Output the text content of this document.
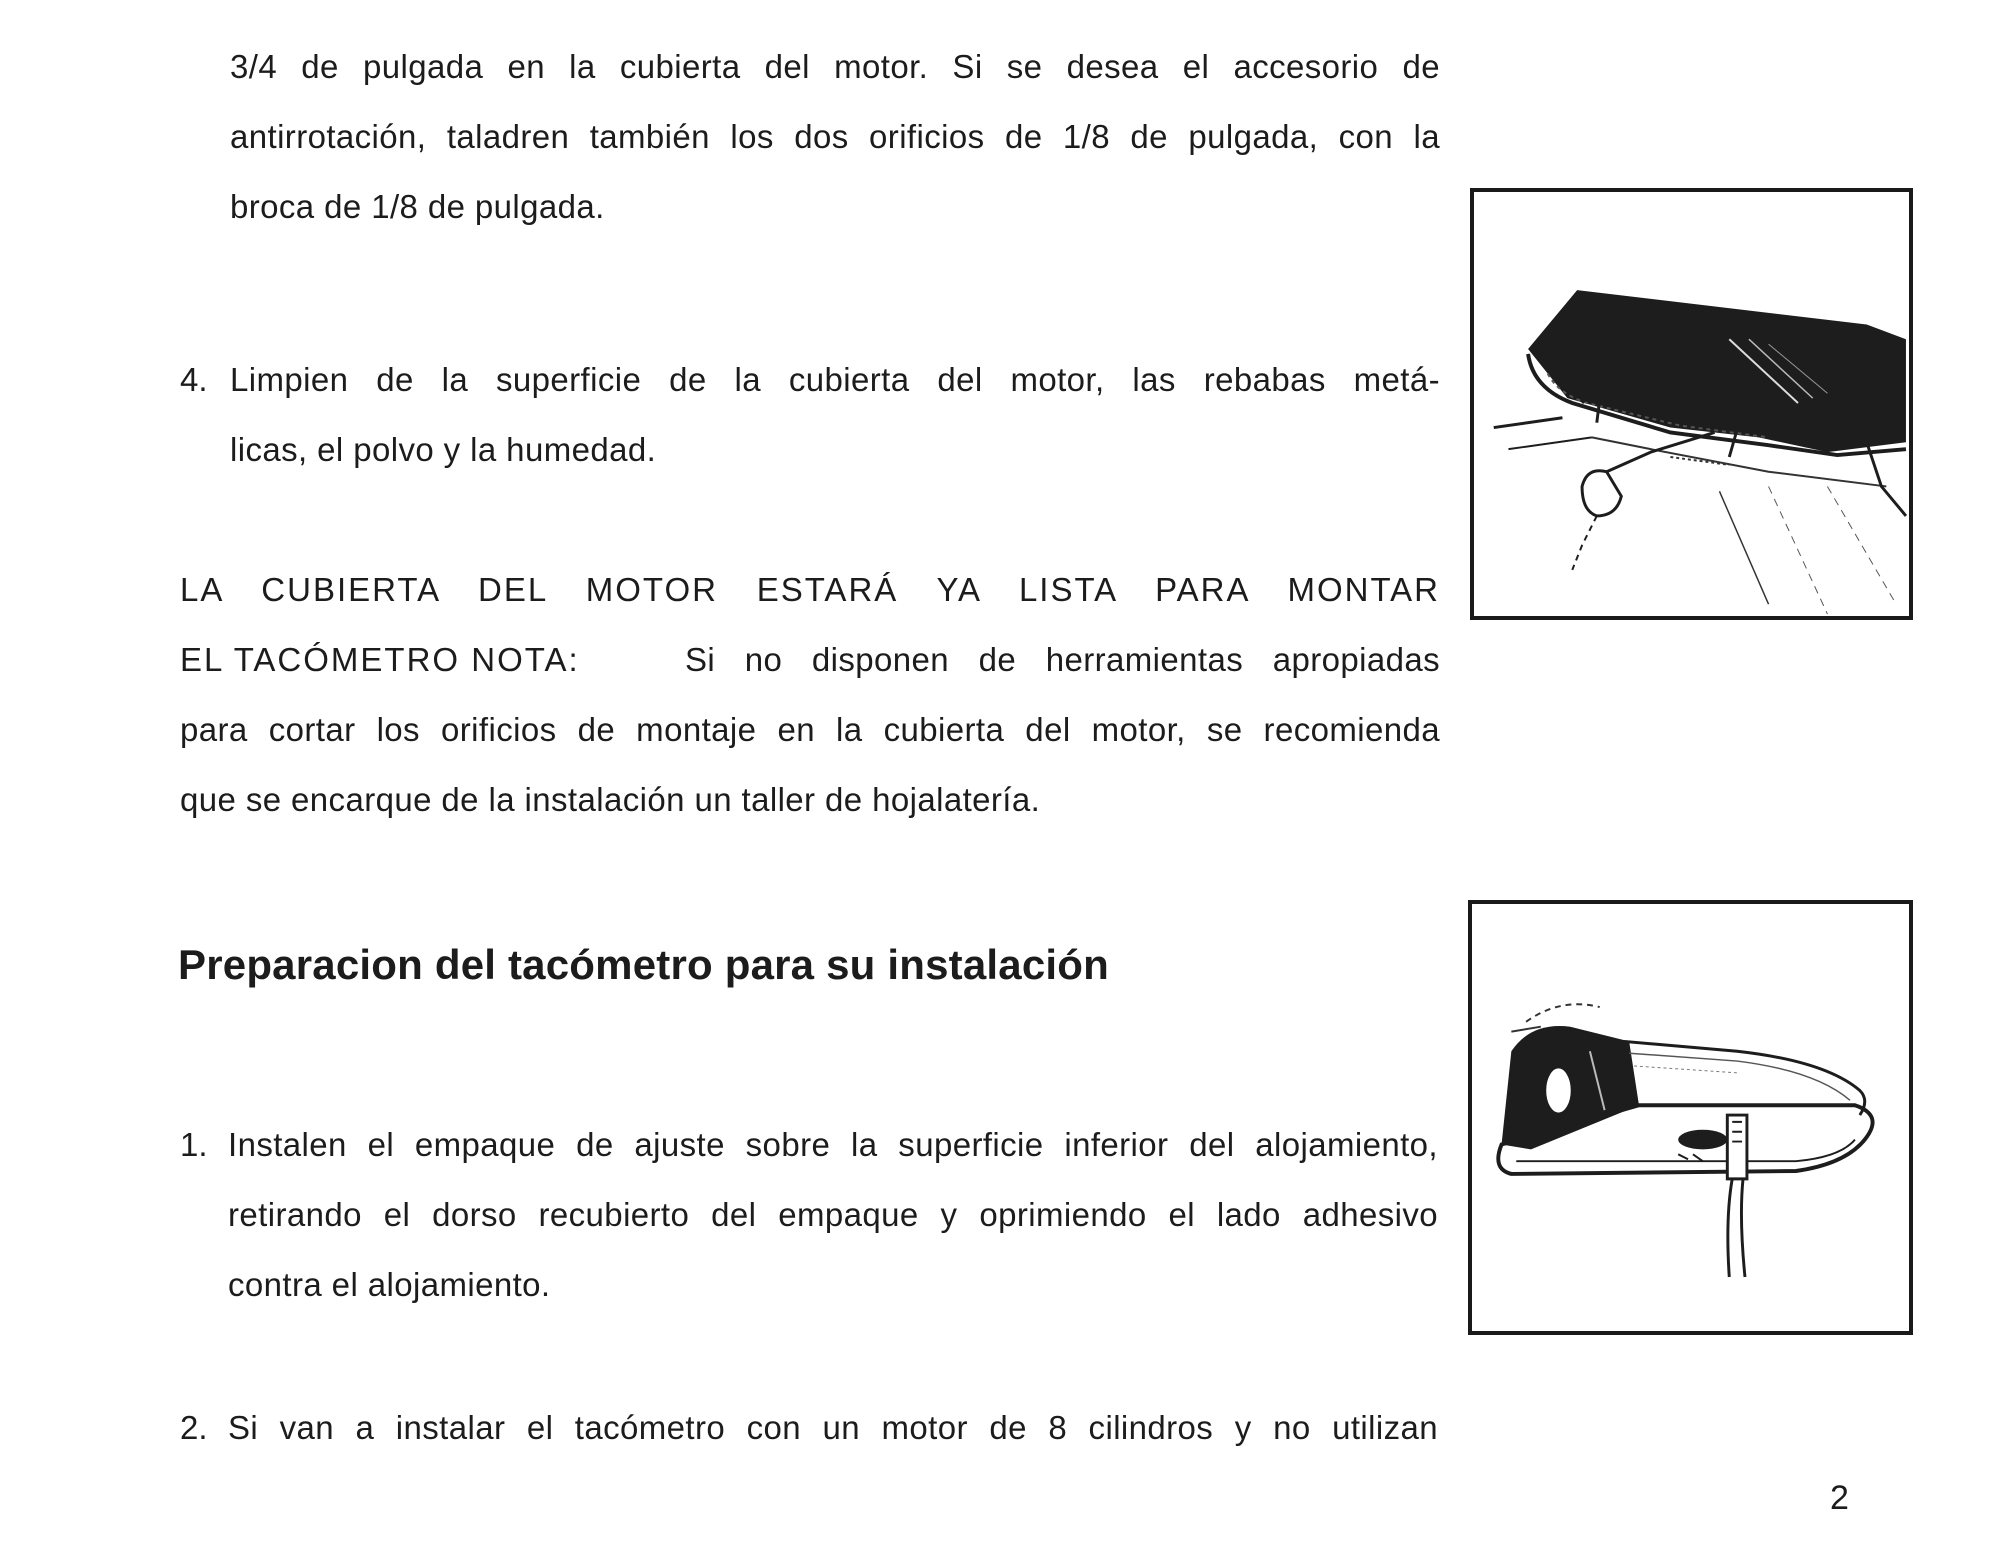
3/4 de pulgada en la cubierta del motor. Si se desea el accesorio de
antirrotación, taladren también los dos orificios de 1/8 de pulgada, con la
broca de 1/8 de pulgada.
4. Limpien de la superficie de la cubierta del motor, las rebabas metá-
licas, el polvo y la humedad.
LA CUBIERTA DEL MOTOR ESTARÁ YA LISTA PARA MONTAR
EL TACÓMETRO NOTA:	Si no disponen de herramientas apropiadas
para cortar los orificios de montaje en la cubierta del motor, se recomienda
que se encarque de la instalación un taller de hojalatería.
Preparacion del tacómetro para su instalación
1. Instalen el empaque de ajuste sobre la superficie inferior del alojamiento,
retirando el dorso recubierto del empaque y oprimiendo el lado adhesivo
contra el alojamiento.
2. Si van a instalar el tacómetro con un motor de 8 cilindros y no utilizan
2
